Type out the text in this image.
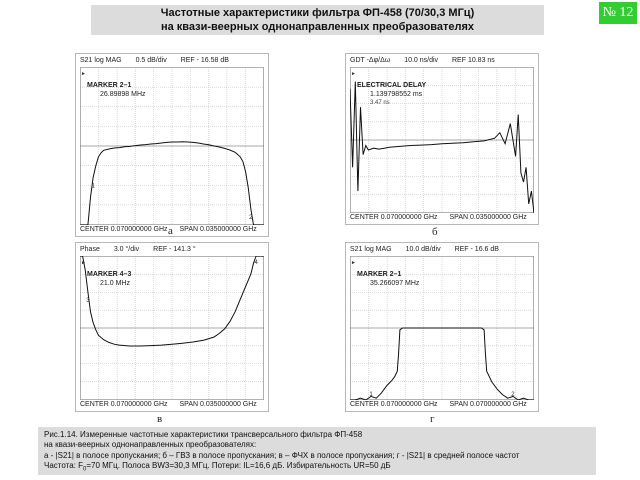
Частотные характеристики фильтра ФП-458 (70/30,3 МГц)
на квази-веерных однонаправленных преобразователях
№ 12
S21 log MAG 0.5 dB/div REF - 16.58 dB
MARKER 2–1
26.89898 MHz
►
1
2
CENTER 0.070000000 GHz SPAN 0.035000000 GHz
а
GDT -Δφ/Δω 10.0 ns/div REF 10.83 ns
ELECTRICAL DELAY
1.139798552 ms
3.47 ns
►
CENTER 0.070000000 GHz SPAN 0.035000000 GHz
б
Phase 3.0 °/div REF - 141.3 °
MARKER 4–3
21.0 MHz
►
3
4
CENTER 0.070000000 GHz SPAN 0.035000000 GHz
в
S21 log MAG 10.0 dB/div REF - 16.6 dB
MARKER 2–1
35.266097 MHz
►
1	2
CENTER 0.070000000 GHz SPAN 0.070000000 GHz
г
Рис.1.14. Измеренные частотные характеристики трансверсального фильтра ФП-458
на квази-веерных однонаправленных преобразователях:
а - |S21| в полосе пропускания; б – ГВЗ в полосе пропускания; в – ФЧХ в полосе пропускания; г - |S21| в средней полосе частот
Частота: $F_0=70$ МГц. Полоса BW3=30,3 МГц. Потери: IL=16,6 дБ. Избирательность UR=50 дБ
